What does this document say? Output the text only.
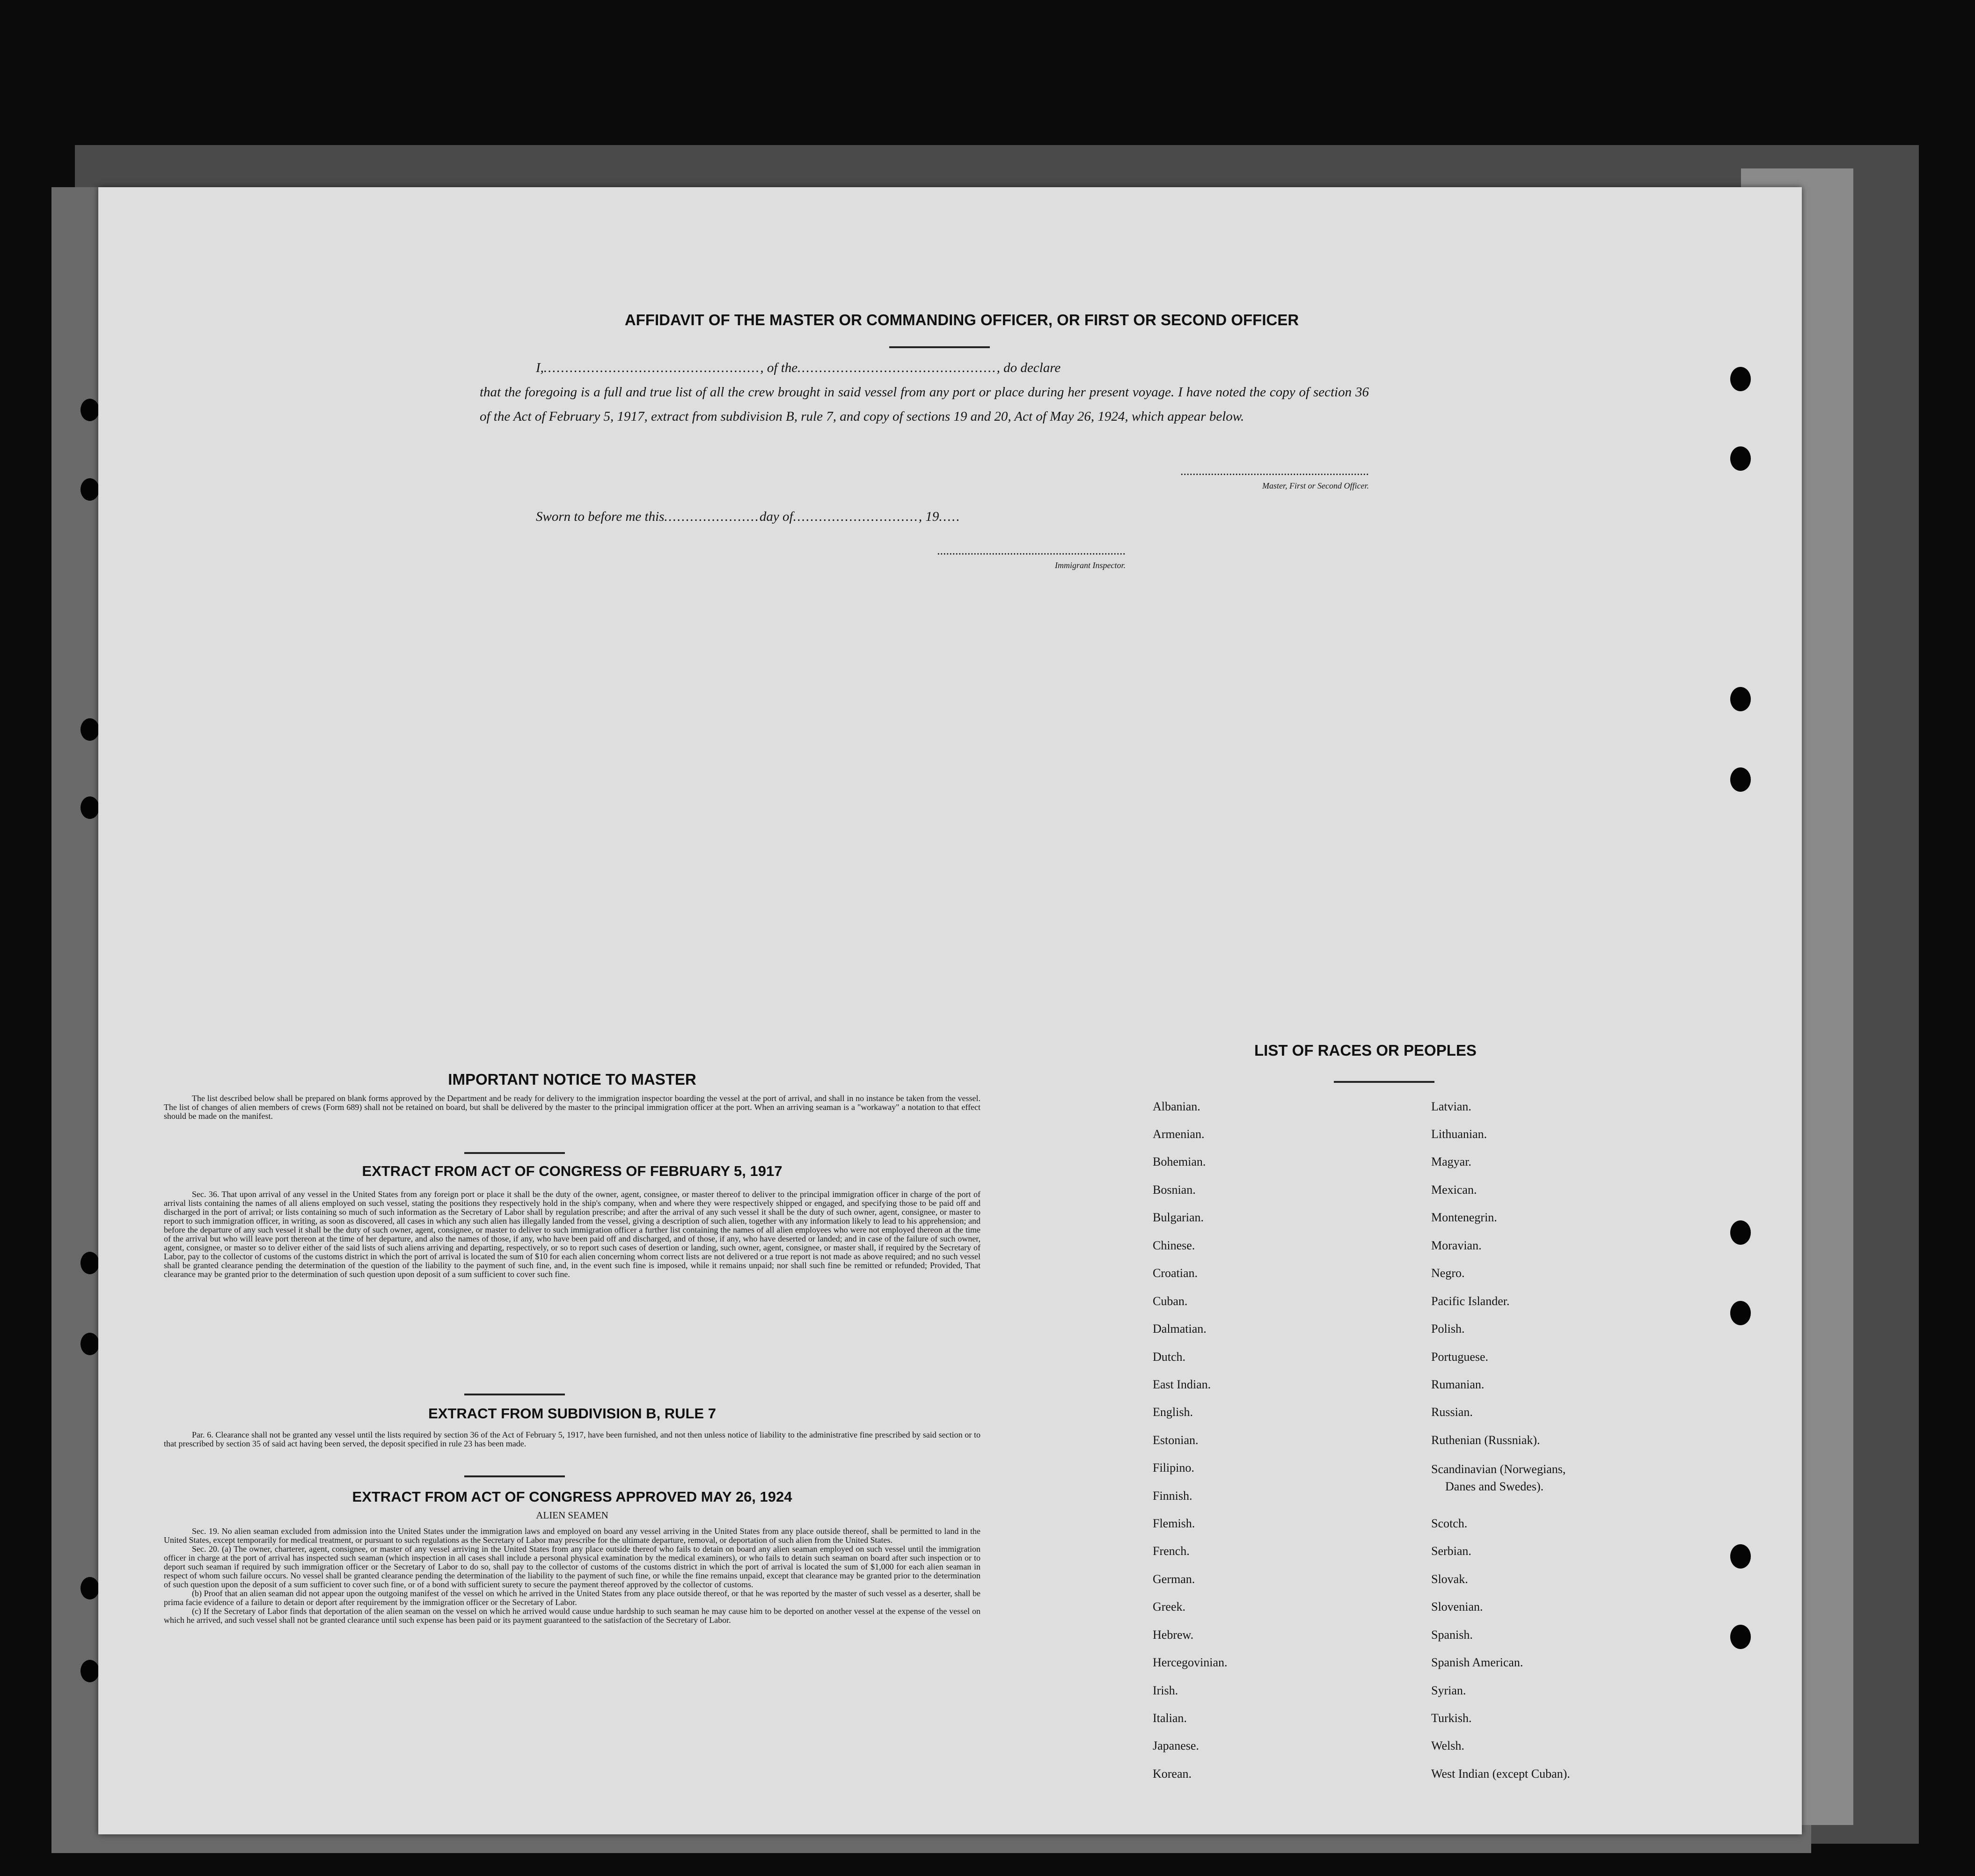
AFFIDAVIT OF THE MASTER OR COMMANDING OFFICER, OR FIRST OR SECOND OFFICER
I,.................................................., of the.............................................., do declare
that the foregoing is a full and true list of all the crew brought in said vessel from any port or place during her present voyage. I have noted the copy of section 36 of the Act of February 5, 1917, extract from subdivision B, rule 7, and copy of sections 19 and 20, Act of May 26, 1924, which appear below.
..............................................................
Master, First or Second Officer.
Sworn to before me this......................day of............................., 19.....
..............................................................
Immigrant Inspector.
IMPORTANT NOTICE TO MASTER

The list described below shall be prepared on blank forms approved by the Department and be ready for delivery to the immigration inspector boarding the vessel at the port of arrival, and shall in no instance be taken from the vessel. The list of changes of alien members of crews (Form 689) shall not be retained on board, but shall be delivered by the master to the principal immigration officer at the port. When an arriving seaman is a "workaway" a notation to that effect should be made on the manifest.

EXTRACT FROM ACT OF CONGRESS OF FEBRUARY 5, 1917

Sec. 36. That upon arrival of any vessel in the United States from any foreign port or place it shall be the duty of the owner, agent, consignee, or master thereof to deliver to the principal immigration officer in charge of the port of arrival lists containing the names of all aliens employed on such vessel, stating the positions they respectively hold in the ship's company, when and where they were respectively shipped or engaged, and specifying those to be paid off and discharged in the port of arrival; or lists containing so much of such information as the Secretary of Labor shall by regulation prescribe; and after the arrival of any such vessel it shall be the duty of such owner, agent, consignee, or master to report to such immigration officer, in writing, as soon as discovered, all cases in which any such alien has illegally landed from the vessel, giving a description of such alien, together with any information likely to lead to his apprehension; and before the departure of any such vessel it shall be the duty of such owner, agent, consignee, or master to deliver to such immigration officer a further list containing the names of all alien employees who were not employed thereon at the time of the arrival but who will leave port thereon at the time of her departure, and also the names of those, if any, who have been paid off and discharged, and of those, if any, who have deserted or landed; and in case of the failure of such owner, agent, consignee, or master so to deliver either of the said lists of such aliens arriving and departing, respectively, or so to report such cases of desertion or landing, such owner, agent, consignee, or master shall, if required by the Secretary of Labor, pay to the collector of customs of the customs district in which the port of arrival is located the sum of $10 for each alien concerning whom correct lists are not delivered or a true report is not made as above required; and no such vessel shall be granted clearance pending the determination of the question of the liability to the payment of such fine, and, in the event such fine is imposed, while it remains unpaid; nor shall such fine be remitted or refunded; Provided, That clearance may be granted prior to the determination of such question upon deposit of a sum sufficient to cover such fine.

EXTRACT FROM SUBDIVISION B, RULE 7

Par. 6. Clearance shall not be granted any vessel until the lists required by section 36 of the Act of February 5, 1917, have been furnished, and not then unless notice of liability to the administrative fine prescribed by said section or to that prescribed by section 35 of said act having been served, the deposit specified in rule 23 has been made.

EXTRACT FROM ACT OF CONGRESS APPROVED MAY 26, 1924
ALIEN SEAMEN

Sec. 19. No alien seaman excluded from admission into the United States under the immigration laws and employed on board any vessel arriving in the United States from any place outside thereof, shall be permitted to land in the United States, except temporarily for medical treatment, or pursuant to such regulations as the Secretary of Labor may prescribe for the ultimate departure, removal, or deportation of such alien from the United States.

Sec. 20. (a) The owner, charterer, agent, consignee, or master of any vessel arriving in the United States from any place outside thereof who fails to detain on board any alien seaman employed on such vessel until the immigration officer in charge at the port of arrival has inspected such seaman (which inspection in all cases shall include a personal physical examination by the medical examiners), or who fails to detain such seaman on board after such inspection or to deport such seaman if required by such immigration officer or the Secretary of Labor to do so, shall pay to the collector of customs of the customs district in which the port of arrival is located the sum of $1,000 for each alien seaman in respect of whom such failure occurs. No vessel shall be granted clearance pending the determination of the liability to the payment of such fine, or while the fine remains unpaid, except that clearance may be granted prior to the determination of such question upon the deposit of a sum sufficient to cover such fine, or of a bond with sufficient surety to secure the payment thereof approved by the collector of customs.

(b) Proof that an alien seaman did not appear upon the outgoing manifest of the vessel on which he arrived in the United States from any place outside thereof, or that he was reported by the master of such vessel as a deserter, shall be prima facie evidence of a failure to detain or deport after requirement by the immigration officer or the Secretary of Labor.

(c) If the Secretary of Labor finds that deportation of the alien seaman on the vessel on which he arrived would cause undue hardship to such seaman he may cause him to be deported on another vessel at the expense of the vessel on which he arrived, and such vessel shall not be granted clearance until such expense has been paid or its payment guaranteed to the satisfaction of the Secretary of Labor.

LIST OF RACES OR PEOPLES
Albanian.
Armenian.
Bohemian.
Bosnian.
Bulgarian.
Chinese.
Croatian.
Cuban.
Dalmatian.
Dutch.
East Indian.
English.
Estonian.
Filipino.
Finnish.
Flemish.
French.
German.
Greek.
Hebrew.
Hercegovinian.
Irish.
Italian.
Japanese.
Korean.
Latvian.
Lithuanian.
Magyar.
Mexican.
Montenegrin.
Moravian.
Negro.
Pacific Islander.
Polish.
Portuguese.
Rumanian.
Russian.
Ruthenian (Russniak).
Scandinavian (Norwegians,
Danes and Swedes).
Scotch.
Serbian.
Slovak.
Slovenian.
Spanish.
Spanish American.
Syrian.
Turkish.
Welsh.
West Indian (except Cuban).
